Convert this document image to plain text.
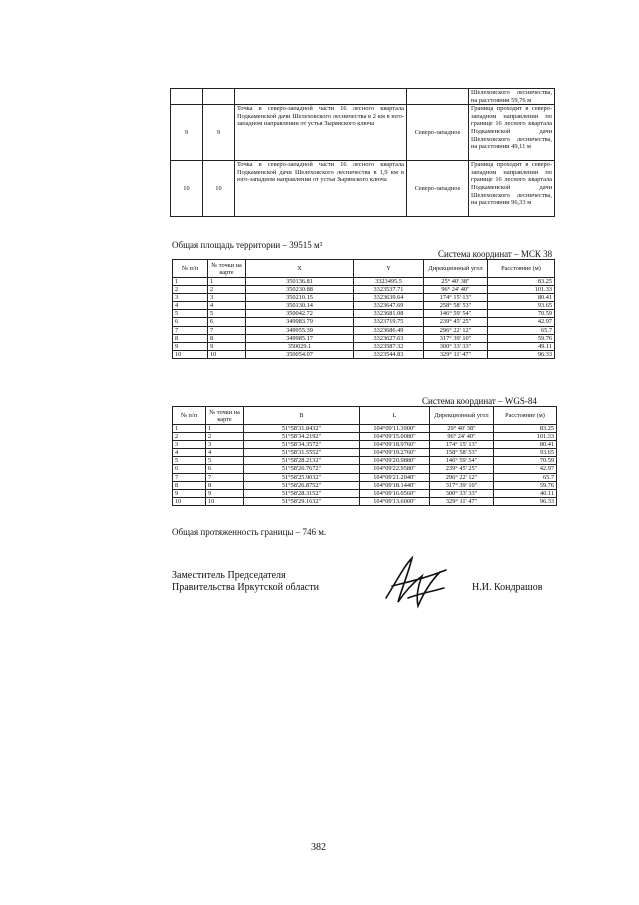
				Шелеховского лесничества, на расстоянии 59,76 м
9	9	Точка в северо-западной части 16 лесного квартала Подкаменской дачи Шелеховского лесничества в 2 км в юго-западном направлении от устья Зырянского ключа	Северо-западное	Граница проходит в северо-западном направлении по границе 16 лесного квартала Подкаменской дачи Шелеховского лесничества, на расстоянии 49,11 м
10	10	Точка в северо-западной части 16 лесного квартала Подкаменской дачи Шелеховского лесничества в 1,9 км в юго-западном направлении от устья Зырянского ключа	Северо-западное	Граница проходит в северо-западном направлении по границе 16 лесного квартала Подкаменской дачи Шелеховского лесничества, на расстоянии 96,33 м
Общая площадь территории – 39515 м²
Система координат – МСК 38
№ п/п	№ точки на карте	X	Y	Дирекционный угол	Расстояние (м)
1	1	350136.81	3323495.5	25° 40' 38"	83.25
2	2	350230.88	3323537.71	96° 24' 40"	101.33
3	3	350210.15	3323639.64	174° 15' 13"	80.41
4	4	350130.14	3323647.69	258° 58' 53"	93.65
5	5	350042.72	3323681.08	146° 59' 54"	70.59
6	6	349983.79	3323719.75	239° 45' 25"	42.97
7	7	349955.39	3323686.49	296° 22' 12"	65.7
8	8	349985.17	3323627.63	317° 39' 10"	59.76
9	9	350029.1	3323587.32	300° 33' 33"	49.11
10	10	350054.07	3323544.83	329° 11' 47"	96.33
Система координат – WGS-84
№ п/п	№ точки на карте	B	L	Дирекционный угол	Расстояние (м)
1	1	51°58'31.8432"	104°09'11.3900"	29° 40' 38"	83.25
2	2	51°58'34.2192"	104°09'15.0080"	96° 24' 40"	101.33
3	3	51°58'34.3572"	104°09'18.9760"	174° 15' 13"	80.41
4	4	51°58'31.5552"	104°09'19.2760"	158° 58' 53"	93.65
5	5	51°58'28.2132"	104°09'20.9880"	146° 59' 54"	70.59
6	6	51°58'26.7672"	104°09'22.9580"	239° 45' 25"	42.97
7	7	51°58'25.9032"	104°09'21.2040"	296° 22' 12"	65.7
8	8	51°58'26.8752"	104°09'18.1440"	317° 39' 10"	59.76
9	9	51°58'28.3152"	104°09'16.0560"	300° 33' 33"	40.11
10	10	51°58'29.1632"	104°09'13.6000"	329° 11' 47"	96.33
Общая протяженность границы – 746 м.
Заместитель Председателя
Правительства Иркутской области	Н.И. Кондрашов
382
